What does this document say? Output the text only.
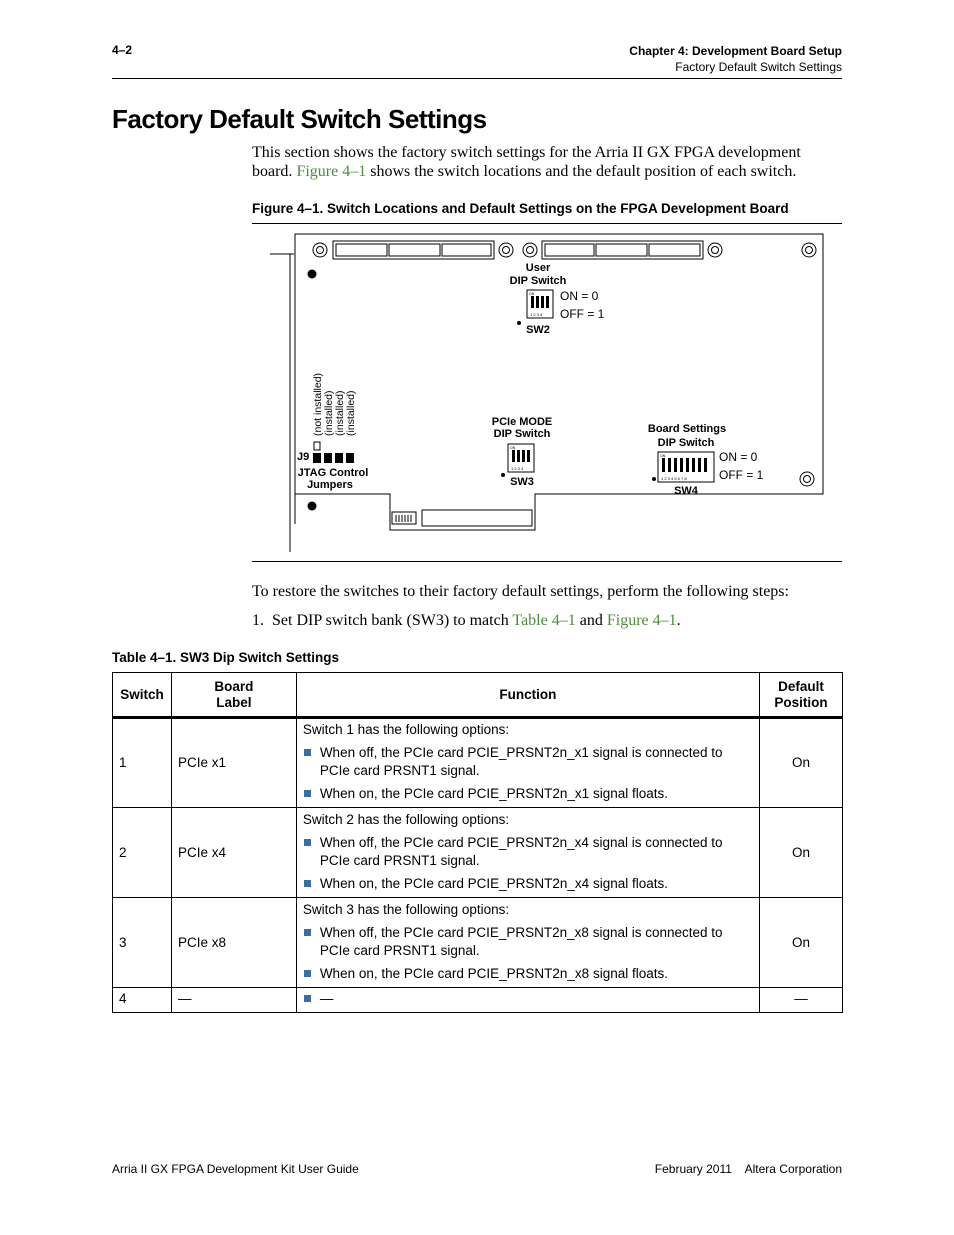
4–2	Chapter 4: Development Board Setup
Factory Default Switch Settings
Factory Default Switch Settings
This section shows the factory switch settings for the Arria II GX FPGA development board. Figure 4–1 shows the switch locations and the default position of each switch.
Figure 4–1. Switch Locations and Default Settings on the FPGA Development Board
User
DIP Switch
ON = 0
OFF = 1
SW2
PCIe MODE
DIP Switch
SW3
Board Settings
DIP Switch
ON = 0
OFF = 1
SW4
J9
JTAG Control
Jumpers
(not installed) (installed) (installed) (installed)
ON
1 2 3 4
ON
1 2 3 4
ON
1 2 3 4 5 6 7 8
To restore the switches to their factory default settings, perform the following steps:
1. Set DIP switch bank (SW3) to match Table 4–1 and Figure 4–1.
Table 4–1. SW3 Dip Switch Settings
Switch	Board Label	Function	Default Position

1	PCIe x1	Switch 1 has the following options:
When off, the PCIe card PCIE_PRSNT2n_x1 signal is connected to PCIe card PRSNT1 signal.
When on, the PCIe card PCIE_PRSNT2n_x1 signal floats.	On
2	PCIe x4	Switch 2 has the following options:
When off, the PCIe card PCIE_PRSNT2n_x4 signal is connected to PCIe card PRSNT1 signal.
When on, the PCIe card PCIE_PRSNT2n_x4 signal floats.	On
3	PCIe x8	Switch 3 has the following options:
When off, the PCIe card PCIE_PRSNT2n_x8 signal is connected to PCIe card PRSNT1 signal.
When on, the PCIe card PCIE_PRSNT2n_x8 signal floats.	On
4	—	—	—
Arria II GX FPGA Development Kit User Guide	February 2011    Altera Corporation
